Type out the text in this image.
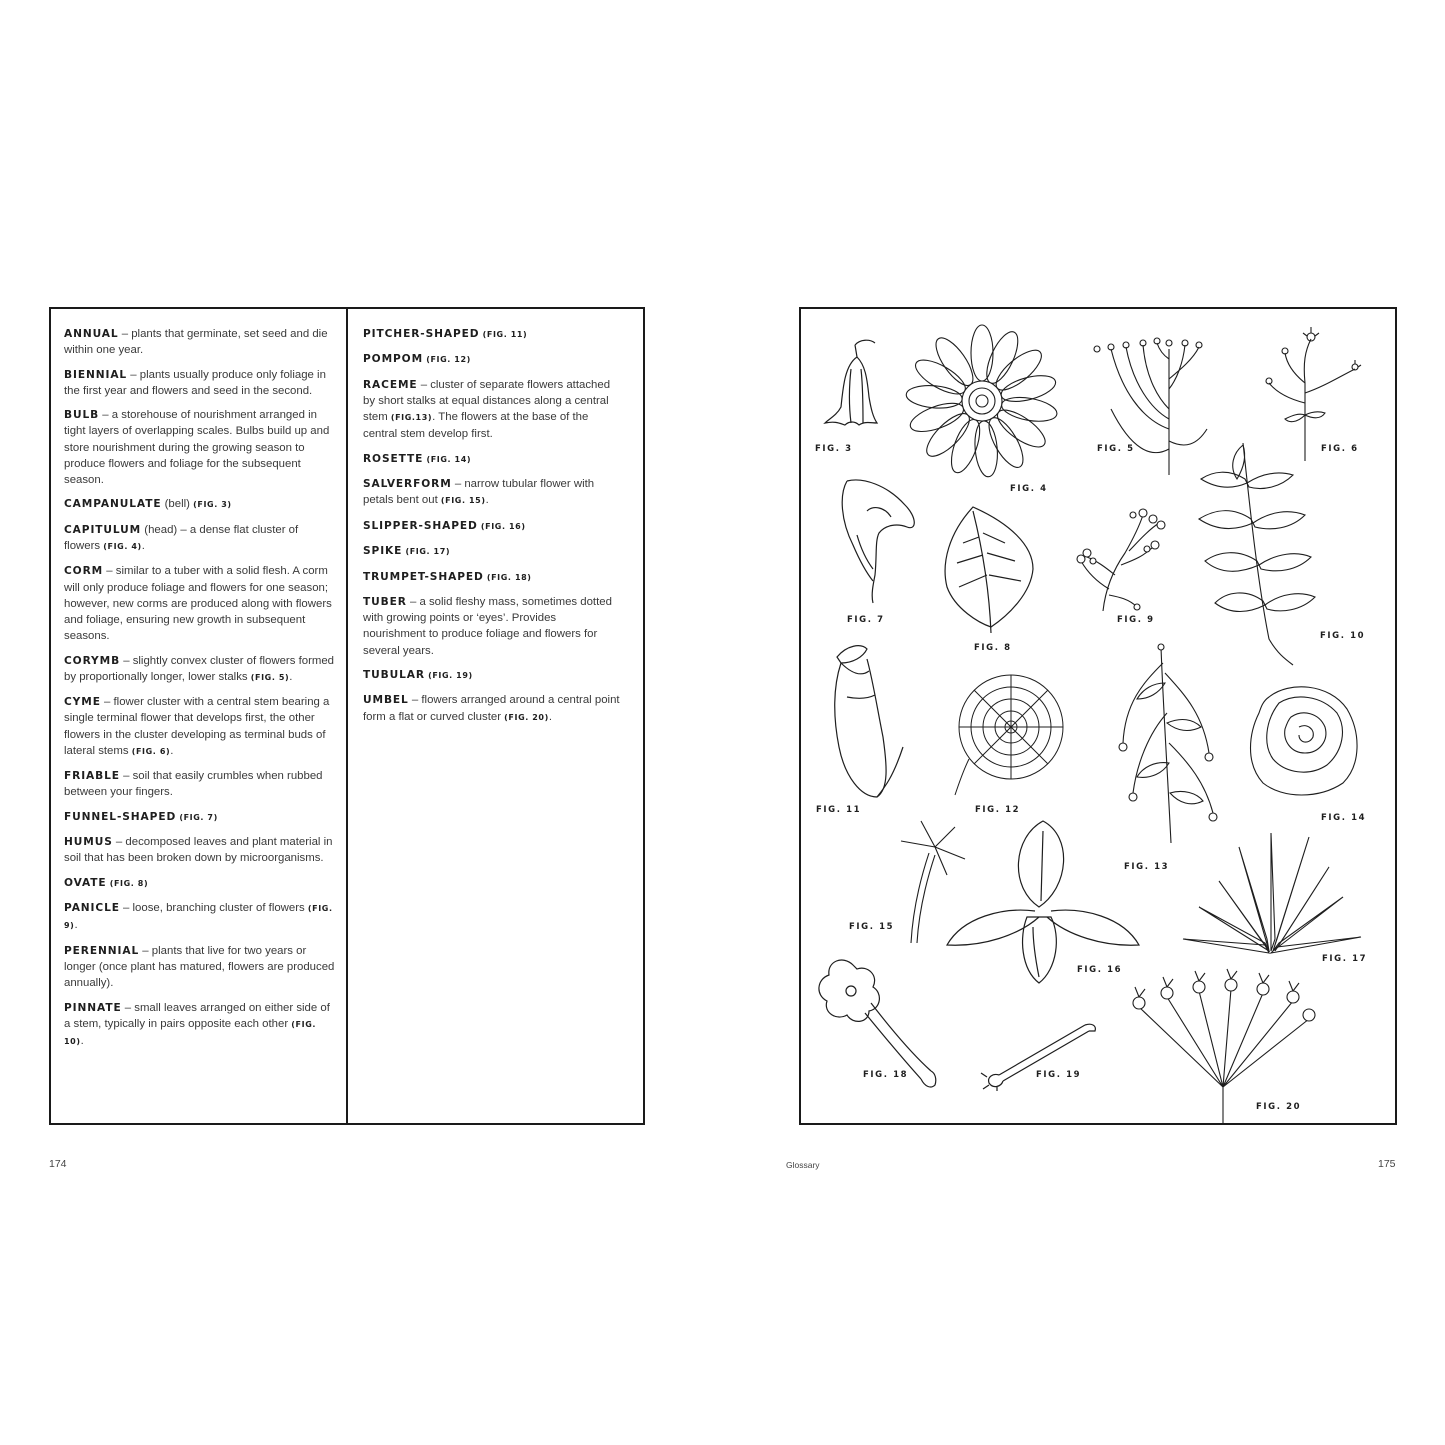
ANNUAL – plants that germinate, set seed and die within one year.

BIENNIAL – plants usually produce only foliage in the first year and flowers and seed in the second.

BULB – a storehouse of nourishment arranged in tight layers of overlapping scales. Bulbs build up and store nourishment during the growing season to produce flowers and foliage for the subsequent season.

CAMPANULATE (bell) (FIG. 3)

CAPITULUM (head) – a dense flat cluster of flowers (FIG. 4).

CORM – similar to a tuber with a solid flesh. A corm will only produce foliage and flowers for one season; however, new corms are produced along with flowers and foliage, ensuring new growth in subsequent seasons.

CORYMB – slightly convex cluster of flowers formed by proportionally longer, lower stalks (FIG. 5).

CYME – flower cluster with a central stem bearing a single terminal flower that develops first, the other flowers in the cluster developing as terminal buds of lateral stems (FIG. 6).

FRIABLE – soil that easily crumbles when rubbed between your fingers.

FUNNEL-SHAPED (FIG. 7)

HUMUS – decomposed leaves and plant material in soil that has been broken down by microorganisms.

OVATE (FIG. 8)

PANICLE – loose, branching cluster of flowers (FIG. 9).

PERENNIAL – plants that live for two years or longer (once plant has matured, flowers are produced annually).

PINNATE – small leaves arranged on either side of a stem, typically in pairs opposite each other (FIG. 10).

PITCHER-SHAPED (FIG. 11)

POMPOM (FIG. 12)

RACEME – cluster of separate flowers attached by short stalks at equal distances along a central stem (FIG.13). The flowers at the base of the central stem develop first.

ROSETTE (FIG. 14)

SALVERFORM – narrow tubular flower with petals bent out (FIG. 15).

SLIPPER-SHAPED (FIG. 16)

SPIKE (FIG. 17)

TRUMPET-SHAPED (FIG. 18)

TUBER – a solid fleshy mass, sometimes dotted with growing points or ‘eyes’. Provides nourishment to produce foliage and flowers for several years.

TUBULAR (FIG. 19)

UMBEL – flowers arranged around a central point form a flat or curved cluster (FIG. 20).

174
FIG. 3
FIG. 4
FIG. 5	FIG. 6
FIG. 7
FIG. 8
FIG. 9
FIG. 10
FIG. 11	FIG. 12
FIG. 13
FIG. 14
FIG. 15
FIG. 16
FIG. 17
FIG. 18	FIG. 19
FIG. 20
Glossary	175
